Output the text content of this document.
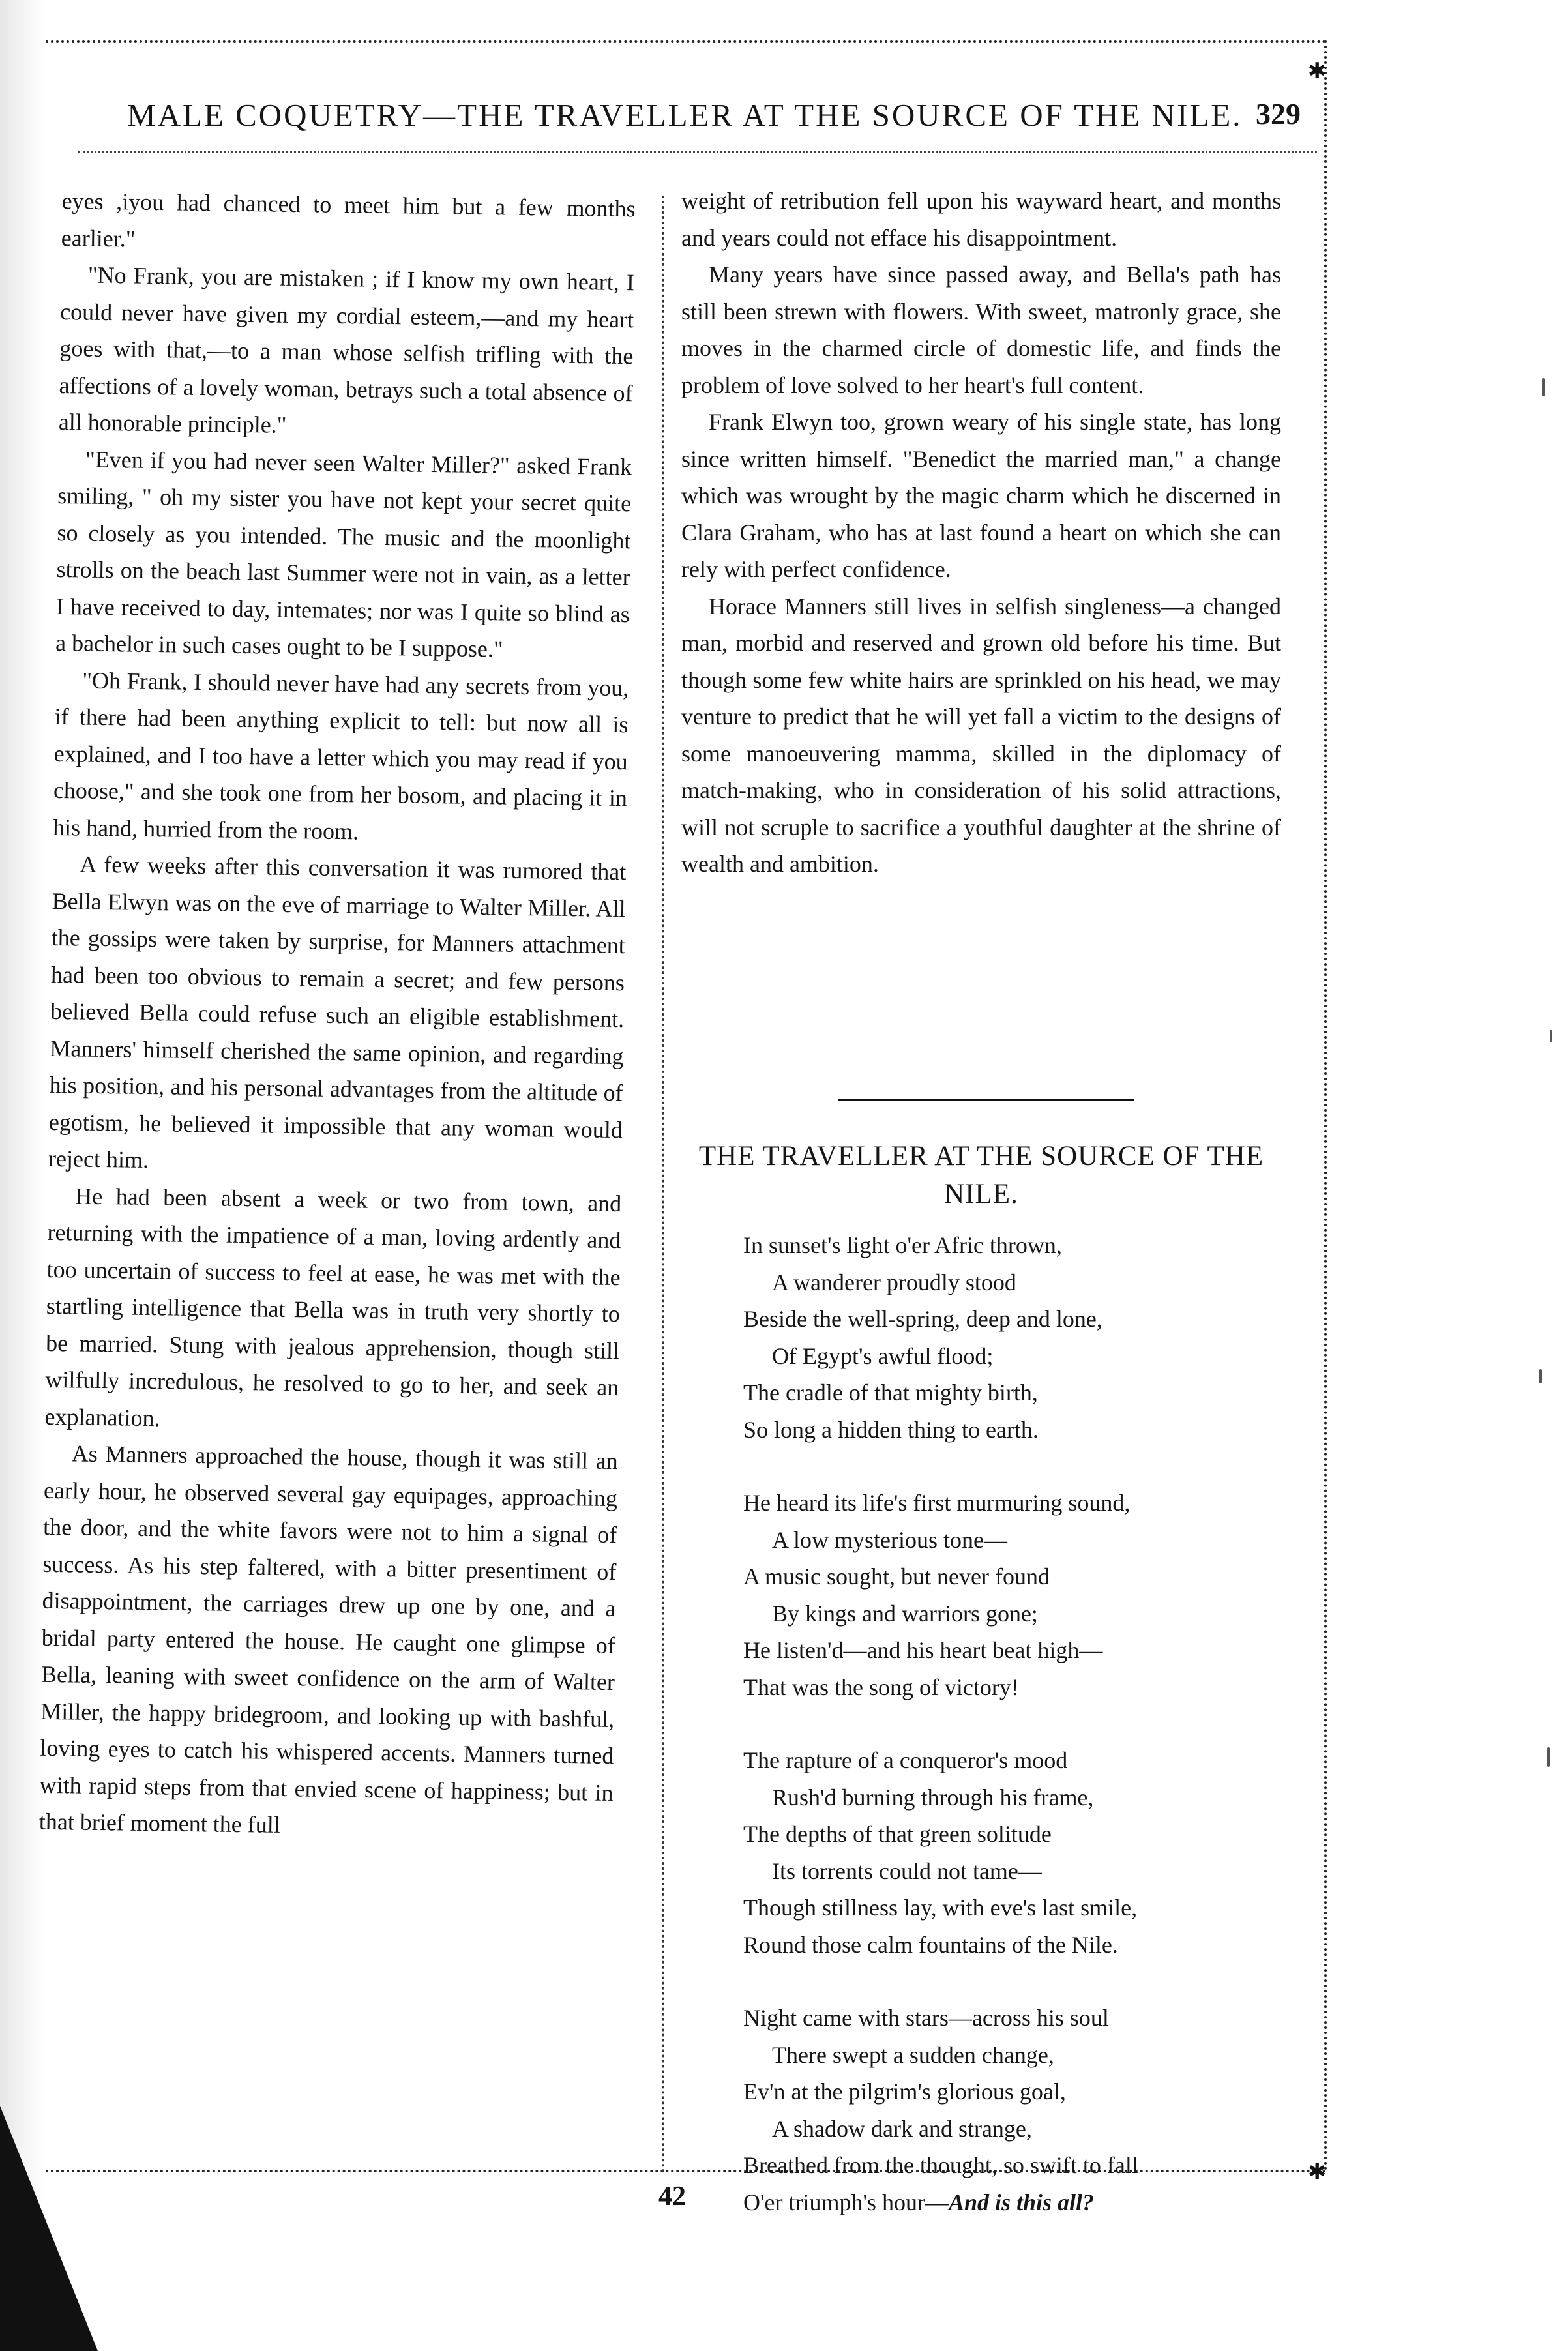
✱
✱
MALE COQUETRY—THE TRAVELLER AT THE SOURCE OF THE NILE. 329

eyes ,iyou had chanced to meet him but a few months earlier."

"No Frank, you are mistaken ; if I know my own heart, I could never have given my cordial esteem,—and my heart goes with that,—to a man whose selfish trifling with the affections of a lovely woman, betrays such a total absence of all honorable principle."

"Even if you had never seen Walter Miller?" asked Frank smiling, " oh my sister you have not kept your secret quite so closely as you intended. The music and the moonlight strolls on the beach last Summer were not in vain, as a letter I have received to day, intemates; nor was I quite so blind as a bachelor in such cases ought to be I suppose."

"Oh Frank, I should never have had any secrets from you, if there had been anything explicit to tell: but now all is explained, and I too have a letter which you may read if you choose," and she took one from her bosom, and placing it in his hand, hurried from the room.

A few weeks after this conversation it was rumored that Bella Elwyn was on the eve of marriage to Walter Miller. All the gossips were taken by surprise, for Manners attachment had been too obvious to remain a secret; and few persons believed Bella could refuse such an eligible establishment. Manners' himself cherished the same opinion, and regarding his position, and his personal advantages from the altitude of egotism, he believed it impossible that any woman would reject him.

He had been absent a week or two from town, and returning with the impatience of a man, loving ardently and too uncertain of success to feel at ease, he was met with the startling intelligence that Bella was in truth very shortly to be married. Stung with jealous apprehension, though still wilfully incredulous, he resolved to go to her, and seek an explanation.

As Manners approached the house, though it was still an early hour, he observed several gay equipages, approaching the door, and the white favors were not to him a signal of success. As his step faltered, with a bitter presentiment of disappointment, the carriages drew up one by one, and a bridal party entered the house. He caught one glimpse of Bella, leaning with sweet confidence on the arm of Walter Miller, the happy bridegroom, and looking up with bashful, loving eyes to catch his whispered accents. Manners turned with rapid steps from that envied scene of happiness; but in that brief moment the full

weight of retribution fell upon his wayward heart, and months and years could not efface his disappointment.

Many years have since passed away, and Bella's path has still been strewn with flowers. With sweet, matronly grace, she moves in the charmed circle of domestic life, and finds the problem of love solved to her heart's full content.

Frank Elwyn too, grown weary of his single state, has long since written himself. "Benedict the married man," a change which was wrought by the magic charm which he discerned in Clara Graham, who has at last found a heart on which she can rely with perfect confidence.

Horace Manners still lives in selfish singleness—a changed man, morbid and reserved and grown old before his time. But though some few white hairs are sprinkled on his head, we may venture to predict that he will yet fall a victim to the designs of some manoeuvering mamma, skilled in the diplomacy of match-making, who in consideration of his solid attractions, will not scruple to sacrifice a youthful daughter at the shrine of wealth and ambition.

THE TRAVELLER AT THE SOURCE OF THE NILE.
In sunset's light o'er Afric thrown,
A wanderer proudly stood
Beside the well-spring, deep and lone,
Of Egypt's awful flood;
The cradle of that mighty birth,
So long a hidden thing to earth.
He heard its life's first murmuring sound,
A low mysterious tone—
A music sought, but never found
By kings and warriors gone;
He listen'd—and his heart beat high—
That was the song of victory!
The rapture of a conqueror's mood
Rush'd burning through his frame,
The depths of that green solitude
Its torrents could not tame—
Though stillness lay, with eve's last smile,
Round those calm fountains of the Nile.
Night came with stars—across his soul
There swept a sudden change,
Ev'n at the pilgrim's glorious goal,
A shadow dark and strange,
Breathed from the thought, so swift to fall
O'er triumph's hour—And is this all?
42
